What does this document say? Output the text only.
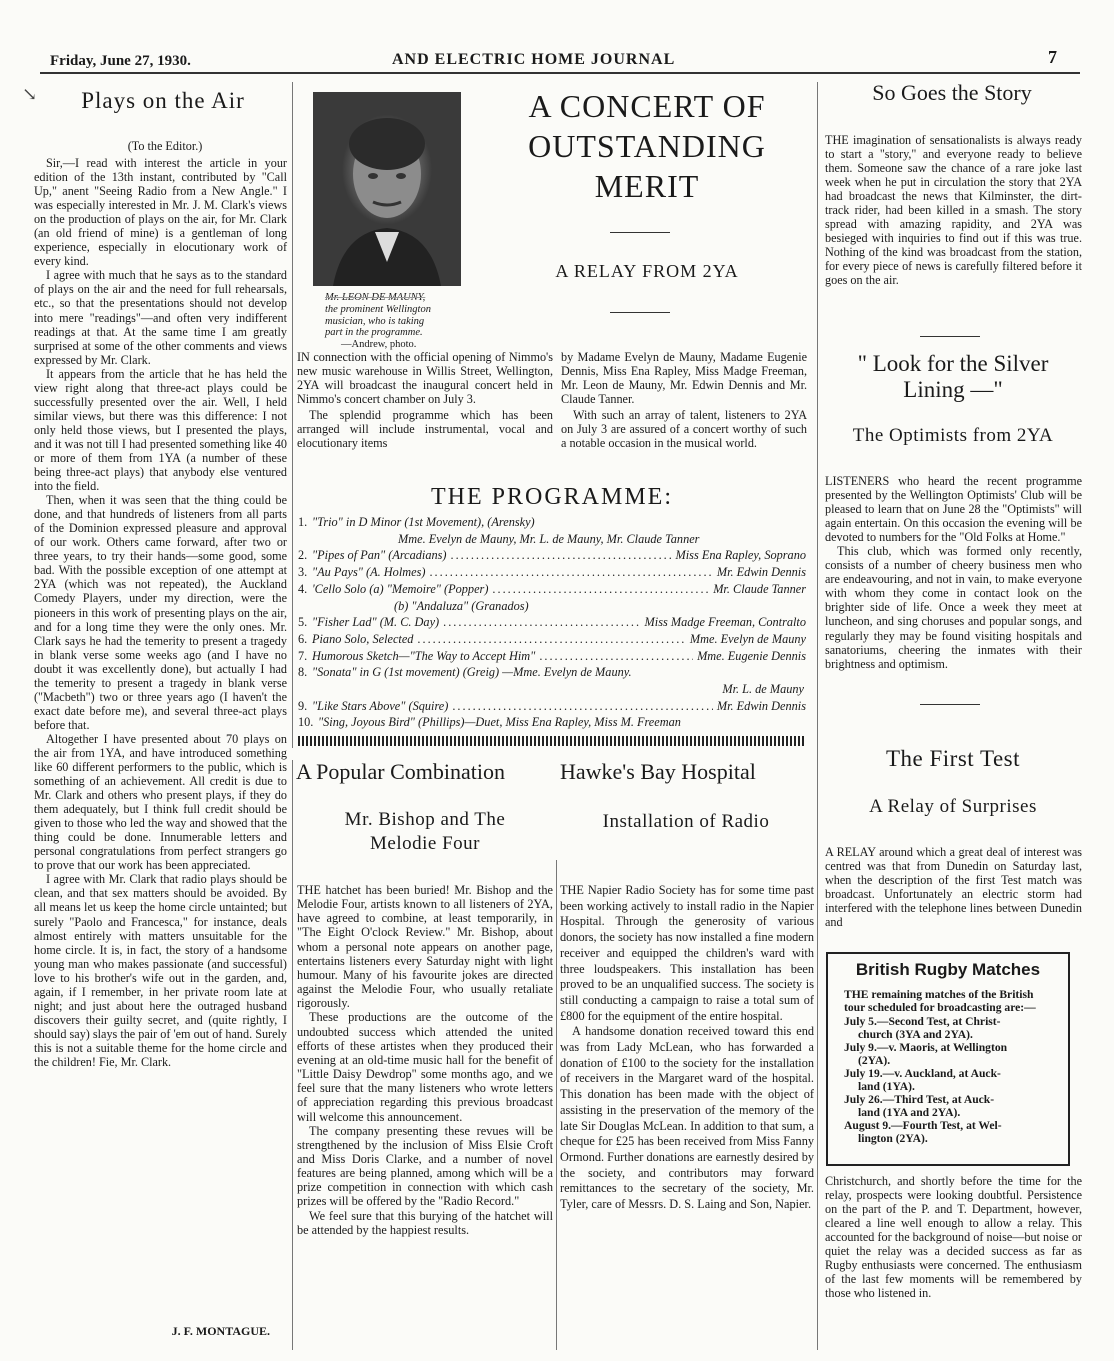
Friday, June 27, 1930.	AND ELECTRIC HOME JOURNAL	7
↘	Plays on the Air
(To the Editor.)

Sir,—I read with interest the article in your edition of the 13th instant, contributed by "Call Up," anent "Seeing Radio from a New Angle." I was especially interested in Mr. J. M. Clark's views on the production of plays on the air, for Mr. Clark (an old friend of mine) is a gentleman of long experience, especially in elocutionary work of every kind.

I agree with much that he says as to the standard of plays on the air and the need for full rehearsals, etc., so that the presentations should not develop into mere "readings"—and often very indifferent readings at that. At the same time I am greatly surprised at some of the other comments and views expressed by Mr. Clark.

It appears from the article that he has held the view right along that three-act plays could be successfully presented over the air. Well, I held similar views, but there was this difference: I not only held those views, but I presented the plays, and it was not till I had presented something like 40 or more of them from 1YA (a number of these being three-act plays) that anybody else ventured into the field.

Then, when it was seen that the thing could be done, and that hundreds of listeners from all parts of the Dominion expressed pleasure and approval of our work. Others came forward, after two or three years, to try their hands—some good, some bad. With the possible exception of one attempt at 2YA (which was not repeated), the Auckland Comedy Players, under my direction, were the pioneers in this work of presenting plays on the air, and for a long time they were the only ones. Mr. Clark says he had the temerity to present a tragedy in blank verse some weeks ago (and I have no doubt it was excellently done), but actually I had the temerity to present a tragedy in blank verse ("Macbeth") two or three years ago (I haven't the exact date before me), and several three-act plays before that.

Altogether I have presented about 70 plays on the air from 1YA, and have introduced something like 60 different performers to the public, which is something of an achievement. All credit is due to Mr. Clark and others who present plays, if they do them adequately, but I think full credit should be given to those who led the way and showed that the thing could be done. Innumerable letters and personal congratulations from perfect strangers go to prove that our work has been appreciated.

I agree with Mr. Clark that radio plays should be clean, and that sex matters should be avoided. By all means let us keep the home circle untainted; but surely "Paolo and Francesca," for instance, deals almost entirely with matters unsuitable for the home circle. It is, in fact, the story of a handsome young man who makes passionate (and successful) love to his brother's wife out in the garden, and, again, if I remember, in her private room late at night; and just about here the outraged husband discovers their guilty secret, and (quite rightly, I should say) slays the pair of 'em out of hand. Surely this is not a suitable theme for the home circle and the children! Fie, Mr. Clark.

J. F. MONTAGUE.
Mr. LEON DE MAUNY,
the prominent Wellington
musician, who is taking
part in the programme.
—Andrew, photo.
A CONCERT OF
OUTSTANDING
MERIT
A RELAY FROM 2YA

IN connection with the official opening of Nimmo's new music warehouse in Willis Street, Wellington, 2YA will broadcast the inaugural concert held in Nimmo's concert chamber on July 3.

The splendid programme which has been arranged will include instrumental, vocal and elocutionary items

by Madame Evelyn de Mauny, Madame Eugenie Dennis, Miss Ena Rapley, Miss Madge Freeman, Mr. Leon de Mauny, Mr. Edwin Dennis and Mr. Claude Tanner.

With such an array of talent, listeners to 2YA on July 3 are assured of a concert worthy of such a notable occasion in the musical world.

THE PROGRAMME:
1. "Trio" in D Minor (1st Movement), (Arensky)
Mme. Evelyn de Mauny, Mr. L. de Mauny, Mr. Claude Tanner
2. "Pipes of Pan" (Arcadians) .....	Miss Ena Rapley, Soprano
3. "Au Pays" (A. Holmes) .....	Mr. Edwin Dennis
4. 'Cello Solo (a) "Memoire" (Popper) .....	Mr. Claude Tanner
(b) "Andaluza" (Granados)
5. "Fisher Lad" (M. C. Day) .....	Miss Madge Freeman, Contralto
6. Piano Solo, Selected .....	Mme. Evelyn de Mauny
7. Humorous Sketch—"The Way to Accept Him" .....	Mme. Eugenie Dennis
8. "Sonata" in G (1st movement) (Greig) —Mme. Evelyn de Mauny.
Mr. L. de Mauny
9. "Like Stars Above" (Squire) .....	Mr. Edwin Dennis
10. "Sing, Joyous Bird" (Phillips)—Duet, Miss Ena Rapley, Miss M. Freeman
A Popular Combination
Mr. Bishop and The
Melodie Four

THE hatchet has been buried! Mr. Bishop and the Melodie Four, artists known to all listeners of 2YA, have agreed to combine, at least temporarily, in "The Eight O'clock Review." Mr. Bishop, about whom a personal note appears on another page, entertains listeners every Saturday night with light humour. Many of his favourite jokes are directed against the Melodie Four, who usually retaliate rigorously.

These productions are the outcome of the undoubted success which attended the united efforts of these artistes when they produced their evening at an old-time music hall for the benefit of "Little Daisy Dewdrop" some months ago, and we feel sure that the many listeners who wrote letters of appreciation regarding this previous broadcast will welcome this announcement.

The company presenting these revues will be strengthened by the inclusion of Miss Elsie Croft and Miss Doris Clarke, and a number of novel features are being planned, among which will be a prize competition in connection with which cash prizes will be offered by the "Radio Record."

We feel sure that this burying of the hatchet will be attended by the happiest results.

Hawke's Bay Hospital
Installation of Radio

THE Napier Radio Society has for some time past been working actively to install radio in the Napier Hospital. Through the generosity of various donors, the society has now installed a fine modern receiver and equipped the children's ward with three loudspeakers. This installation has been proved to be an unqualified success. The society is still conducting a campaign to raise a total sum of £800 for the equipment of the entire hospital.

A handsome donation received toward this end was from Lady McLean, who has forwarded a donation of £100 to the society for the installation of receivers in the Margaret ward of the hospital. This donation has been made with the object of assisting in the preservation of the memory of the late Sir Douglas McLean. In addition to that sum, a cheque for £25 has been received from Miss Fanny Ormond. Further donations are earnestly desired by the society, and contributors may forward remittances to the secretary of the society, Mr. Tyler, care of Messrs. D. S. Laing and Son, Napier.

So Goes the Story

THE imagination of sensationalists is always ready to start a "story," and everyone ready to believe them. Someone saw the chance of a rare joke last week when he put in circulation the story that 2YA had broadcast the news that Kilminster, the dirt-track rider, had been killed in a smash. The story spread with amazing rapidity, and 2YA was besieged with inquiries to find out if this was true. Nothing of the kind was broadcast from the station, for every piece of news is carefully filtered before it goes on the air.

" Look for the Silver
Lining —"
The Optimists from 2YA

LISTENERS who heard the recent programme presented by the Wellington Optimists' Club will be pleased to learn that on June 28 the "Optimists" will again entertain. On this occasion the evening will be devoted to numbers for the "Old Folks at Home."

This club, which was formed only recently, consists of a number of cheery business men who are endeavouring, and not in vain, to make everyone with whom they come in contact look on the brighter side of life. Once a week they meet at luncheon, and sing choruses and popular songs, and regularly they may be found visiting hospitals and sanatoriums, cheering the inmates with their brightness and optimism.

The First Test
A Relay of Surprises

A RELAY around which a great deal of interest was centred was that from Dunedin on Saturday last, when the description of the first Test match was broadcast. Unfortunately an electric storm had interfered with the telephone lines between Dunedin and

British Rugby Matches
THE remaining matches of the British tour scheduled for broadcasting are:—
July 5.—Second Test, at Christ-
church (3YA and 2YA).
July 9.—v. Maoris, at Wellington
(2YA).
July 19.—v. Auckland, at Auck-
land (1YA).
July 26.—Third Test, at Auck-
land (1YA and 2YA).
August 9.—Fourth Test, at Wel-
lington (2YA).

Christchurch, and shortly before the time for the relay, prospects were looking doubtful. Persistence on the part of the P. and T. Department, however, cleared a line well enough to allow a relay. This accounted for the background of noise—but noise or quiet the relay was a decided success as far as Rugby enthusiasts were concerned. The enthusiasm of the last few moments will be remembered by those who listened in.
